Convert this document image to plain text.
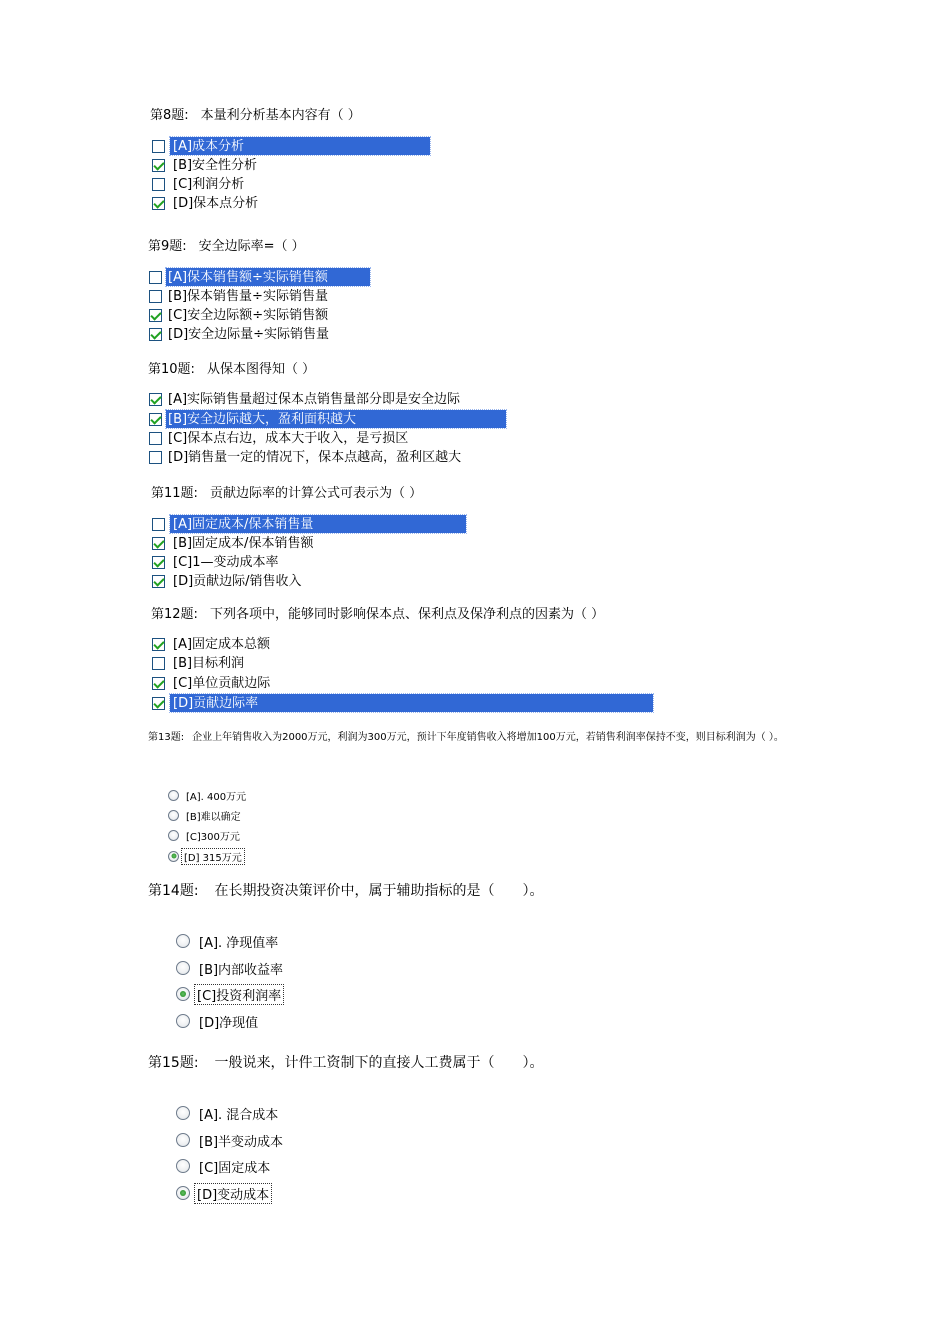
第8题: 本量利分析基本内容有（ ）
[A]成本分析
[B]安全性分析
[C]利润分析
[D]保本点分析
第9题: 安全边际率=（ ）
[A]保本销售额÷实际销售额
[B]保本销售量÷实际销售量
[C]安全边际额÷实际销售额
[D]安全边际量÷实际销售量
第10题: 从保本图得知（ ）
[A]实际销售量超过保本点销售量部分即是安全边际
[B]安全边际越大，盈利面积越大
[C]保本点右边，成本大于收入，是亏损区
[D]销售量一定的情况下，保本点越高，盈利区越大
第11题: 贡献边际率的计算公式可表示为（ ）
[A]固定成本/保本销售量
[B]固定成本/保本销售额
[C]1—变动成本率
[D]贡献边际/销售收入
第12题: 下列各项中，能够同时影响保本点、保利点及保净利点的因素为（ ）
[A]固定成本总额
[B]目标利润
[C]单位贡献边际
[D]贡献边际率
第13题: 企业上年销售收入为2000万元，利润为300万元，预计下年度销售收入将增加100万元，若销售利润率保持不变，则目标利润为（ ）。
[A]. 400万元
[B]难以确定
[C]300万元
[D] 315万元
第14题: 在长期投资决策评价中，属于辅助指标的是（　　）。
[A]. 净现值率
[B]内部收益率
[C]投资利润率
[D]净现值
第15题: 一般说来，计件工资制下的直接人工费属于（　　）。
[A]. 混合成本
[B]半变动成本
[C]固定成本
[D]变动成本
